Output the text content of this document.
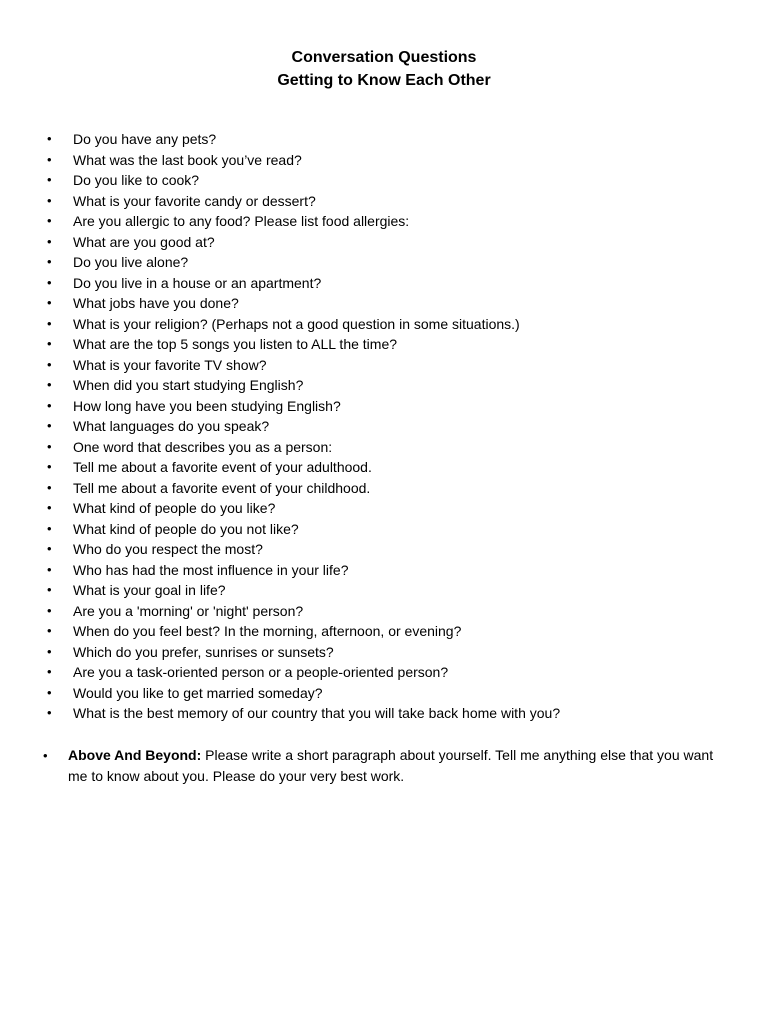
Conversation Questions
Getting to Know Each Other
• Do you have any pets?
• What was the last book you’ve read?
• Do you like to cook?
• What is your favorite candy or dessert?
• Are you allergic to any food? Please list food allergies:
• What are you good at?
• Do you live alone?
• Do you live in a house or an apartment?
• What jobs have you done?
• What is your religion? (Perhaps not a good question in some situations.)
• What are the top 5 songs you listen to ALL the time?
• What is your favorite TV show?
• When did you start studying English?
• How long have you been studying English?
• What languages do you speak?
• One word that describes you as a person:
• Tell me about a favorite event of your adulthood.
• Tell me about a favorite event of your childhood.
• What kind of people do you like?
• What kind of people do you not like?
• Who do you respect the most?
• Who has had the most influence in your life?
• What is your goal in life?
• Are you a 'morning' or 'night' person?
• When do you feel best? In the morning, afternoon, or evening?
• Which do you prefer, sunrises or sunsets?
• Are you a task-oriented person or a people-oriented person?
• Would you like to get married someday?
• What is the best memory of our country that you will take back home with you?
• Above And Beyond: Please write a short paragraph about yourself. Tell me anything else that you want me to know about you. Please do your very best work.
